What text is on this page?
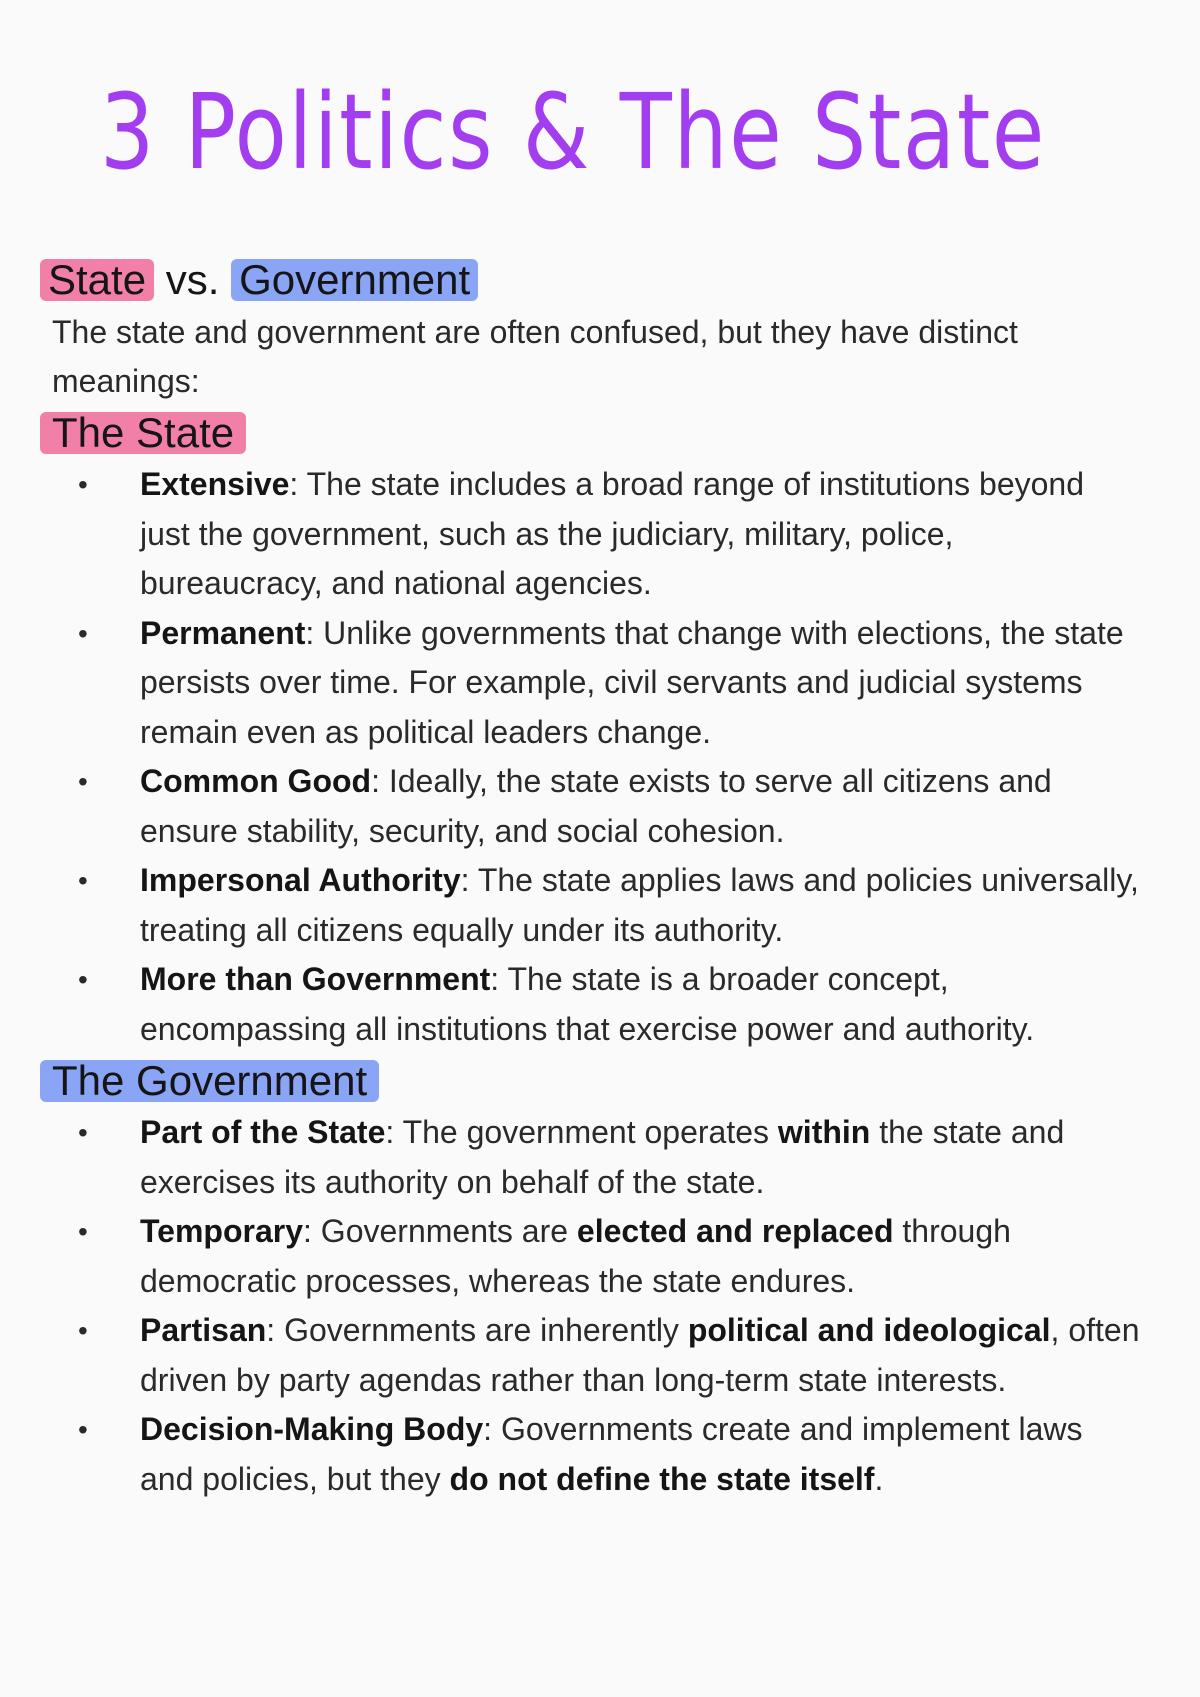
3 Politics & The State
State vs. Government

The state and government are often confused, but they have distinct meanings:

The State
• Extensive: The state includes a broad range of institutions beyond just the government, such as the judiciary, military, police, bureaucracy, and national agencies.
• Permanent: Unlike governments that change with elections, the state persists over time. For example, civil servants and judicial systems remain even as political leaders change.
• Common Good: Ideally, the state exists to serve all citizens and ensure stability, security, and social cohesion.
• Impersonal Authority: The state applies laws and policies universally, treating all citizens equally under its authority.
• More than Government: The state is a broader concept, encompassing all institutions that exercise power and authority.
The Government
• Part of the State: The government operates within the state and exercises its authority on behalf of the state.
• Temporary: Governments are elected and replaced through democratic processes, whereas the state endures.
• Partisan: Governments are inherently political and ideological, often driven by party agendas rather than long-term state interests.
• Decision-Making Body: Governments create and implement laws and policies, but they do not define the state itself.
